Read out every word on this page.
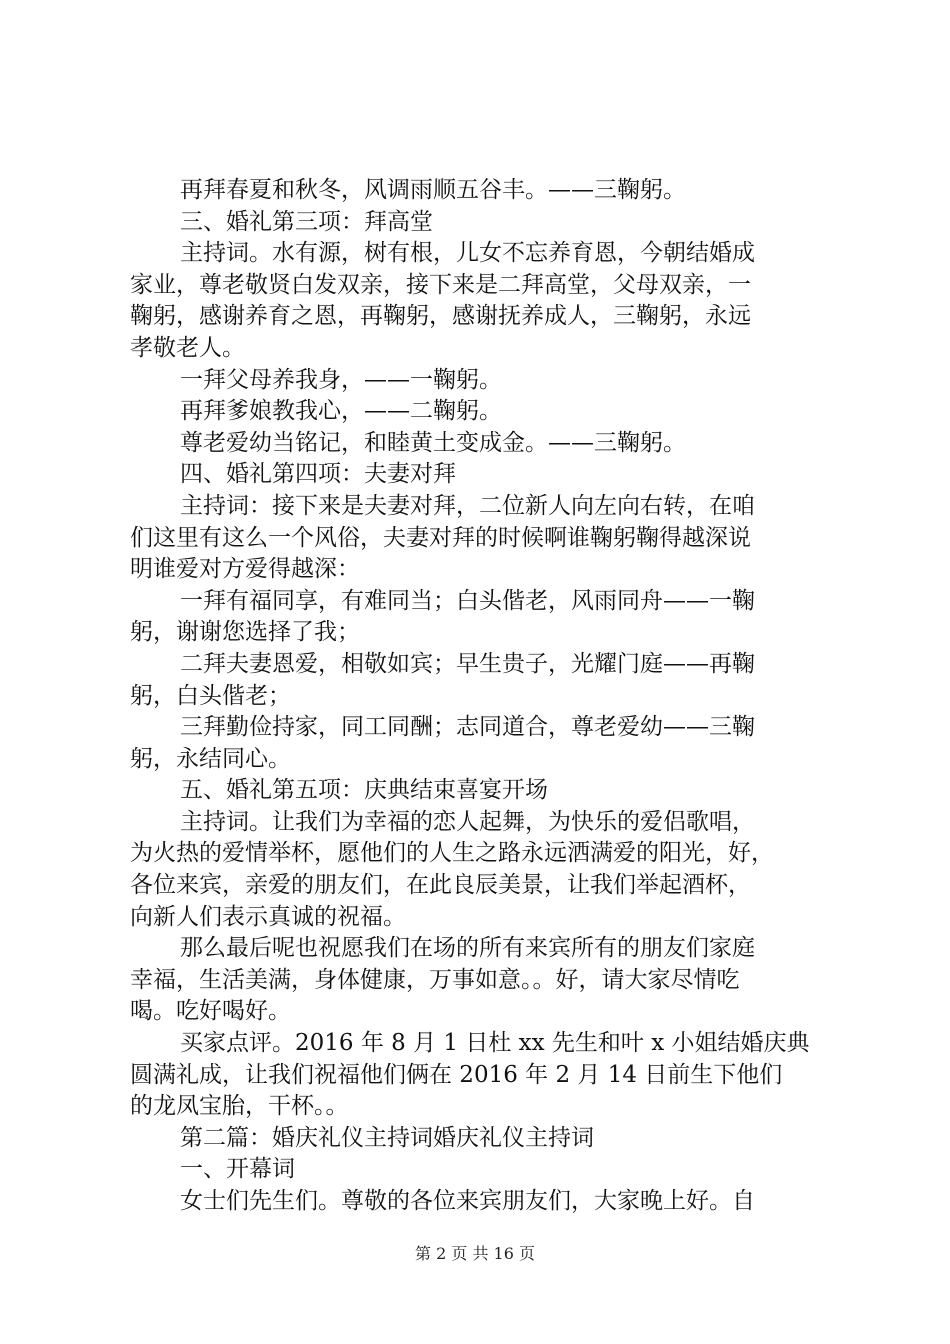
再拜春夏和秋冬，风调雨顺五谷丰。——三鞠躬。
三、婚礼第三项：拜高堂
主持词。水有源，树有根，儿女不忘养育恩，今朝结婚成
家业，尊老敬贤白发双亲，接下来是二拜高堂，父母双亲，一
鞠躬，感谢养育之恩，再鞠躬，感谢抚养成人，三鞠躬，永远
孝敬老人。
一拜父母养我身，——一鞠躬。
再拜爹娘教我心，——二鞠躬。
尊老爱幼当铭记，和睦黄土变成金。——三鞠躬。
四、婚礼第四项：夫妻对拜
主持词：接下来是夫妻对拜，二位新人向左向右转，在咱
们这里有这么一个风俗，夫妻对拜的时候啊谁鞠躬鞠得越深说
明谁爱对方爱得越深：
一拜有福同享，有难同当；白头偕老，风雨同舟——一鞠
躬，谢谢您选择了我；
二拜夫妻恩爱，相敬如宾；早生贵子，光耀门庭——再鞠
躬，白头偕老；
三拜勤俭持家，同工同酬；志同道合，尊老爱幼——三鞠
躬，永结同心。
五、婚礼第五项：庆典结束喜宴开场
主持词。让我们为幸福的恋人起舞，为快乐的爱侣歌唱，
为火热的爱情举杯，愿他们的人生之路永远洒满爱的阳光，好，
各位来宾，亲爱的朋友们，在此良辰美景，让我们举起酒杯，
向新人们表示真诚的祝福。
那么最后呢也祝愿我们在场的所有来宾所有的朋友们家庭
幸福，生活美满，身体健康，万事如意。。好，请大家尽情吃
喝。吃好喝好。
买家点评。2016 年 8 月 1 日杜 xx 先生和叶 x 小姐结婚庆典
圆满礼成，让我们祝福他们俩在 2016 年 2 月 14 日前生下他们
的龙凤宝胎，干杯。。
第二篇：婚庆礼仪主持词婚庆礼仪主持词
一、开幕词
女士们先生们。尊敬的各位来宾朋友们，大家晚上好。自
第 2 页 共 16 页
